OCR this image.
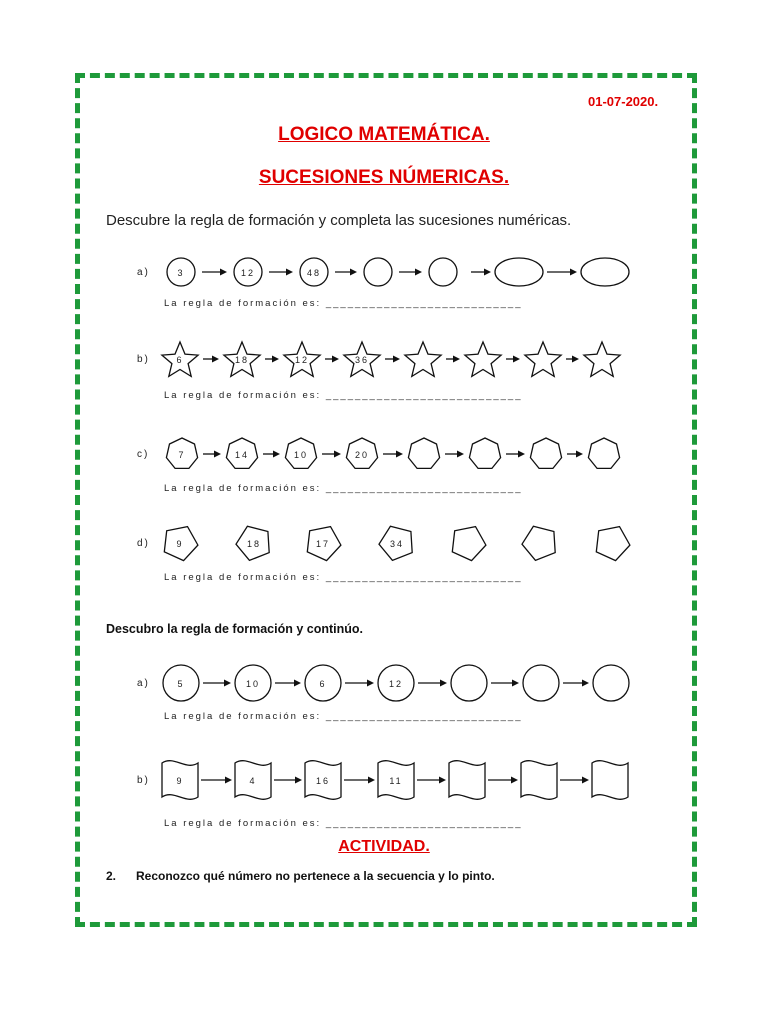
01-07-2020.
LOGICO MATEMÁTICA.
SUCESIONES NÚMERICAS.
Descubre la regla de formación y completa las sucesiones numéricas.
Descubro la regla de formación y continúo.
ACTIVIDAD.
2. Reconozco qué número no pertenece a la secuencia y lo pinto.
a)	3	12	48
La regla de formación es: ___________________________
b)	6	18	12	36
La regla de formación es: ___________________________
c)	7	14	10	20
La regla de formación es: ___________________________
d)	9	18	17	34
La regla de formación es: ___________________________
a)	5	10	6	12
La regla de formación es: ___________________________
b)	9	4	16	11
La regla de formación es: ___________________________
